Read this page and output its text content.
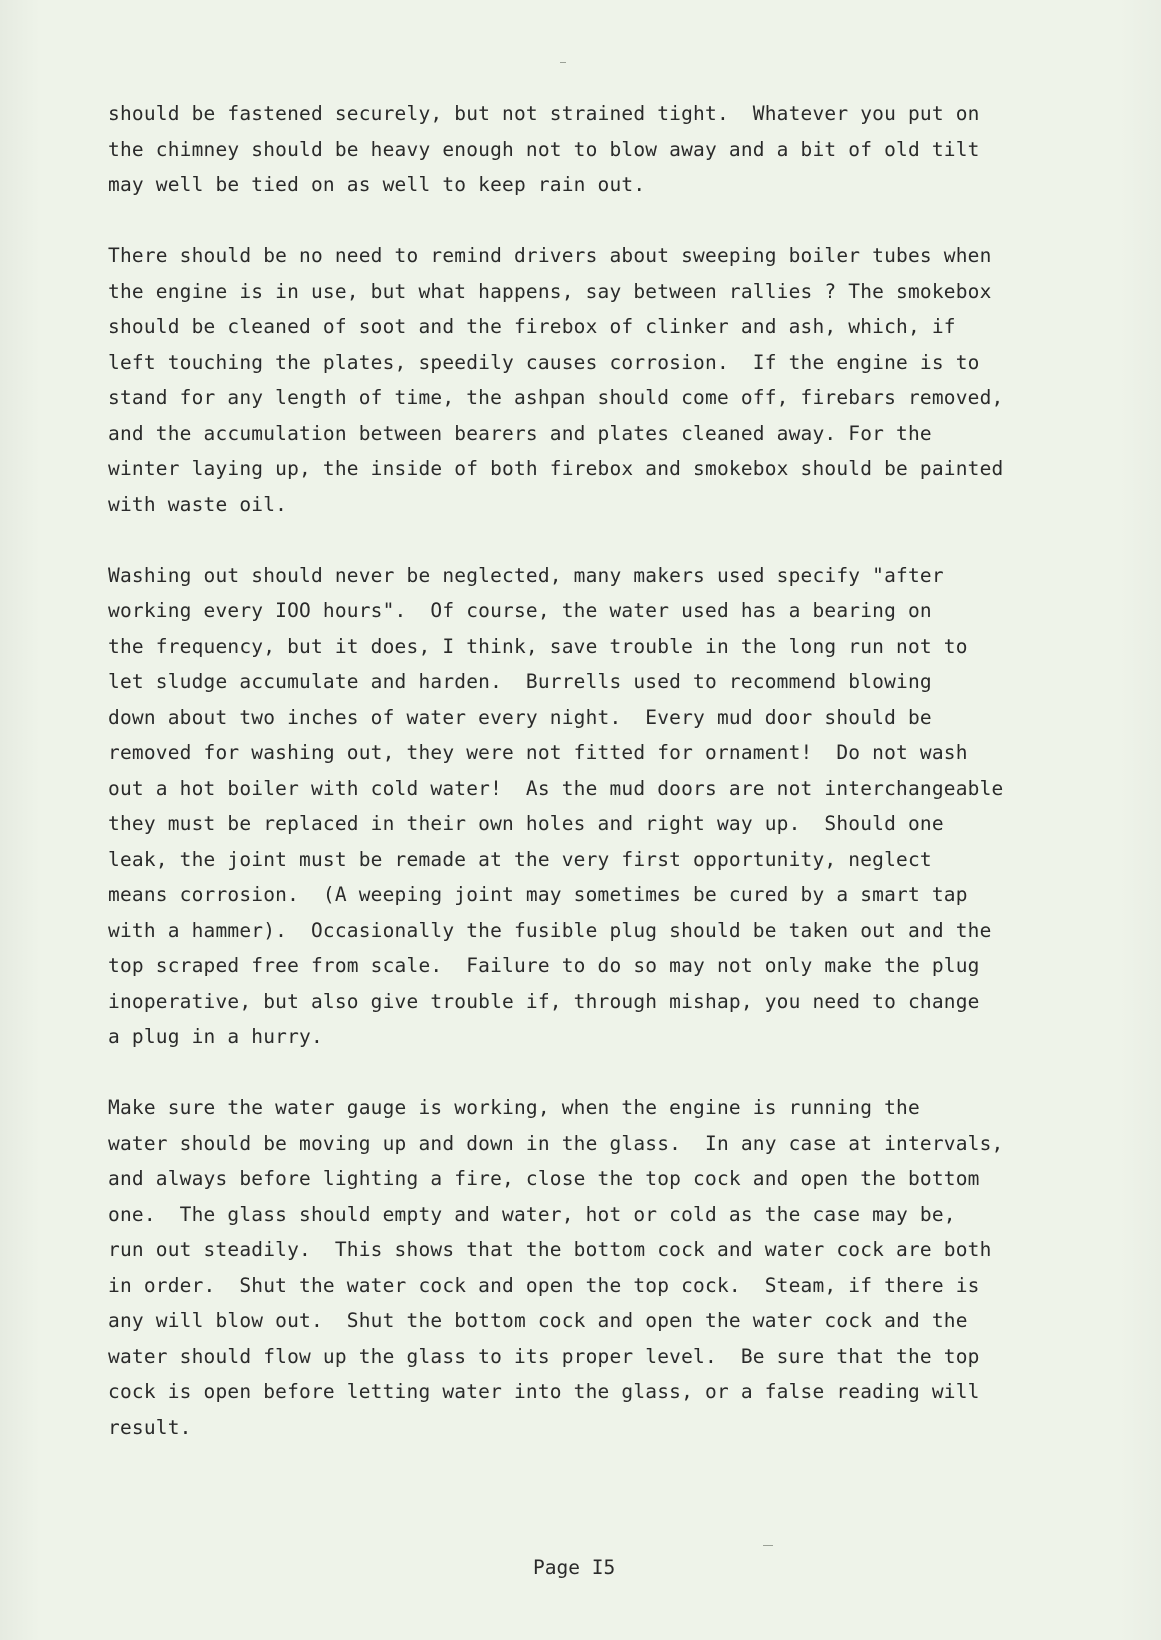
should be fastened securely, but not strained tight.  Whatever you put on
the chimney should be heavy enough not to blow away and a bit of old tilt
may well be tied on as well to keep rain out.
There should be no need to remind drivers about sweeping boiler tubes when
the engine is in use, but what happens, say between rallies ? The smokebox
should be cleaned of soot and the firebox of clinker and ash, which, if
left touching the plates, speedily causes corrosion.  If the engine is to
stand for any length of time, the ashpan should come off, firebars removed,
and the accumulation between bearers and plates cleaned away. For the
winter laying up, the inside of both firebox and smokebox should be painted
with waste oil.
Washing out should never be neglected, many makers used specify "after
working every IOO hours".  Of course, the water used has a bearing on
the frequency, but it does, I think, save trouble in the long run not to
let sludge accumulate and harden.  Burrells used to recommend blowing
down about two inches of water every night.  Every mud door should be
removed for washing out, they were not fitted for ornament!  Do not wash
out a hot boiler with cold water!  As the mud doors are not interchangeable
they must be replaced in their own holes and right way up.  Should one
leak, the joint must be remade at the very first opportunity, neglect
means corrosion.  (A weeping joint may sometimes be cured by a smart tap
with a hammer).  Occasionally the fusible plug should be taken out and the
top scraped free from scale.  Failure to do so may not only make the plug
inoperative, but also give trouble if, through mishap, you need to change
a plug in a hurry.
Make sure the water gauge is working, when the engine is running the
water should be moving up and down in the glass.  In any case at intervals,
and always before lighting a fire, close the top cock and open the bottom
one.  The glass should empty and water, hot or cold as the case may be,
run out steadily.  This shows that the bottom cock and water cock are both
in order.  Shut the water cock and open the top cock.  Steam, if there is
any will blow out.  Shut the bottom cock and open the water cock and the
water should flow up the glass to its proper level.  Be sure that the top
cock is open before letting water into the glass, or a false reading will
result.
Page I5
